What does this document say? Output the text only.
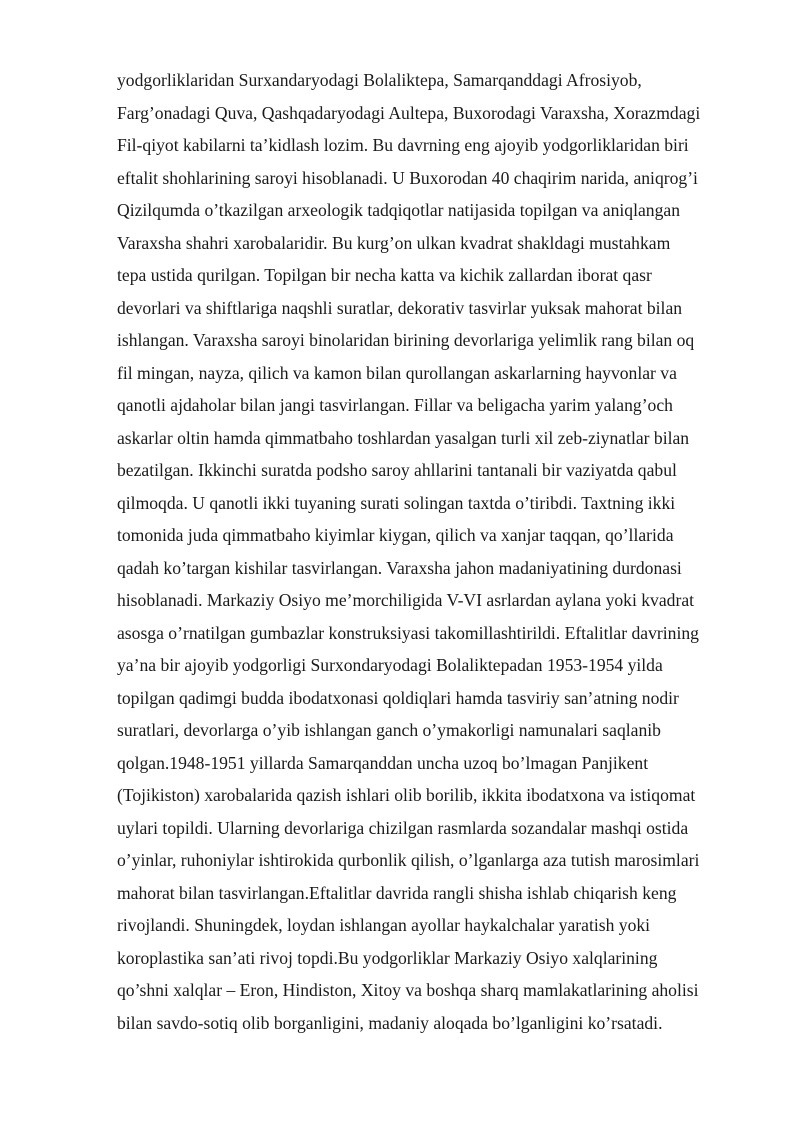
yodgorliklaridan Surxandaryodagi Bolaliktepa, Samarqanddagi Afrosiyob,
Farg’onadagi Quva, Qashqadaryodagi Aultepa, Buxorodagi Varaxsha, Xorazmdagi
Fil-qiyot kabilarni ta’kidlash lozim. Bu davrning eng ajoyib yodgorliklaridan biri
eftalit shohlarining saroyi hisoblanadi. U Buxorodan 40 chaqirim narida, aniqrog’i
Qizilqumda o’tkazilgan arxeologik tadqiqotlar natijasida topilgan va aniqlangan
Varaxsha shahri xarobalaridir. Bu kurg’on ulkan kvadrat shakldagi mustahkam
tepa ustida qurilgan. Topilgan bir necha katta va kichik zallardan iborat qasr
devorlari va shiftlariga naqshli suratlar, dekorativ tasvirlar yuksak mahorat bilan
ishlangan. Varaxsha saroyi binolaridan birining devorlariga yelimlik rang bilan oq
fil mingan, nayza, qilich va kamon bilan qurollangan askarlarning hayvonlar va
qanotli ajdaholar bilan jangi tasvirlangan. Fillar va beligacha yarim yalang’och
askarlar oltin hamda qimmatbaho toshlardan yasalgan turli xil zeb-ziynatlar bilan
bezatilgan. Ikkinchi suratda podsho saroy ahllarini tantanali bir vaziyatda qabul
qilmoqda. U qanotli ikki tuyaning surati solingan taxtda o’tiribdi. Taxtning ikki
tomonida juda qimmatbaho kiyimlar kiygan, qilich va xanjar taqqan, qo’llarida
qadah ko’targan kishilar tasvirlangan. Varaxsha jahon madaniyatining durdonasi
hisoblanadi. Markaziy Osiyo me’morchiligida V-VI asrlardan aylana yoki kvadrat
asosga o’rnatilgan gumbazlar konstruksiyasi takomillashtirildi. Eftalitlar davrining
ya’na bir ajoyib yodgorligi Surxondaryodagi Bolaliktepadan 1953-1954 yilda
topilgan qadimgi budda ibodatxonasi qoldiqlari hamda tasviriy san’atning nodir
suratlari, devorlarga o’yib ishlangan ganch o’ymakorligi namunalari saqlanib
qolgan.1948-1951 yillarda Samarqanddan uncha uzoq bo’lmagan Panjikent
(Tojikiston) xarobalarida qazish ishlari olib borilib, ikkita ibodatxona va istiqomat
uylari topildi. Ularning devorlariga chizilgan rasmlarda sozandalar mashqi ostida
o’yinlar, ruhoniylar ishtirokida qurbonlik qilish, o’lganlarga aza tutish marosimlari
mahorat bilan tasvirlangan.Eftalitlar davrida rangli shisha ishlab chiqarish keng
rivojlandi. Shuningdek, loydan ishlangan ayollar haykalchalar yaratish yoki
koroplastika san’ati rivoj topdi.Bu yodgorliklar Markaziy Osiyo xalqlarining
qo’shni xalqlar – Eron, Hindiston, Xitoy va boshqa sharq mamlakatlarining aholisi
bilan savdo-sotiq olib borganligini, madaniy aloqada bo’lganligini ko’rsatadi.
